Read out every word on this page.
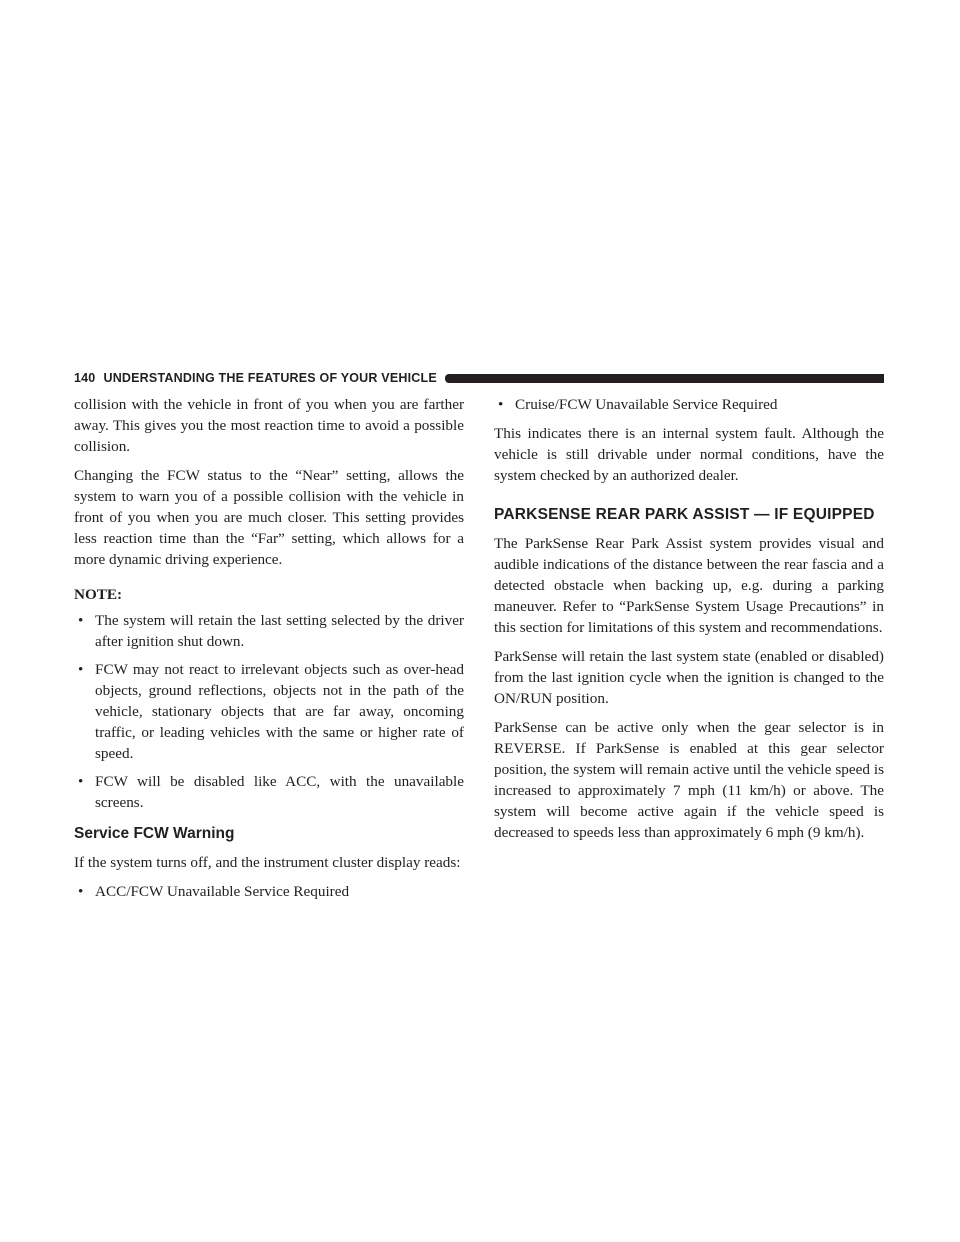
140 UNDERSTANDING THE FEATURES OF YOUR VEHICLE

collision with the vehicle in front of you when you are farther away. This gives you the most reaction time to avoid a possible collision.

Changing the FCW status to the “Near” setting, allows the system to warn you of a possible collision with the vehicle in front of you when you are much closer. This setting provides less reaction time than the “Far” setting, which allows for a more dynamic driving experience.

NOTE:

• The system will retain the last setting selected by the driver after ignition shut down.
• FCW may not react to irrelevant objects such as over-head objects, ground reflections, objects not in the path of the vehicle, stationary objects that are far away, oncoming traffic, or leading vehicles with the same or higher rate of speed.
• FCW will be disabled like ACC, with the unavailable screens.
Service FCW Warning

If the system turns off, and the instrument cluster display reads:

• ACC/FCW Unavailable Service Required
• Cruise/FCW Unavailable Service Required

This indicates there is an internal system fault. Although the vehicle is still drivable under normal conditions, have the system checked by an authorized dealer.

PARKSENSE REAR PARK ASSIST — IF EQUIPPED

The ParkSense Rear Park Assist system provides visual and audible indications of the distance between the rear fascia and a detected obstacle when backing up, e.g. during a parking maneuver. Refer to “ParkSense System Usage Precautions” in this section for limitations of this system and recommendations.

ParkSense will retain the last system state (enabled or disabled) from the last ignition cycle when the ignition is changed to the ON/RUN position.

ParkSense can be active only when the gear selector is in REVERSE. If ParkSense is enabled at this gear selector position, the system will remain active until the vehicle speed is increased to approximately 7 mph (11 km/h) or above. The system will become active again if the vehicle speed is decreased to speeds less than approximately 6 mph (9 km/h).
